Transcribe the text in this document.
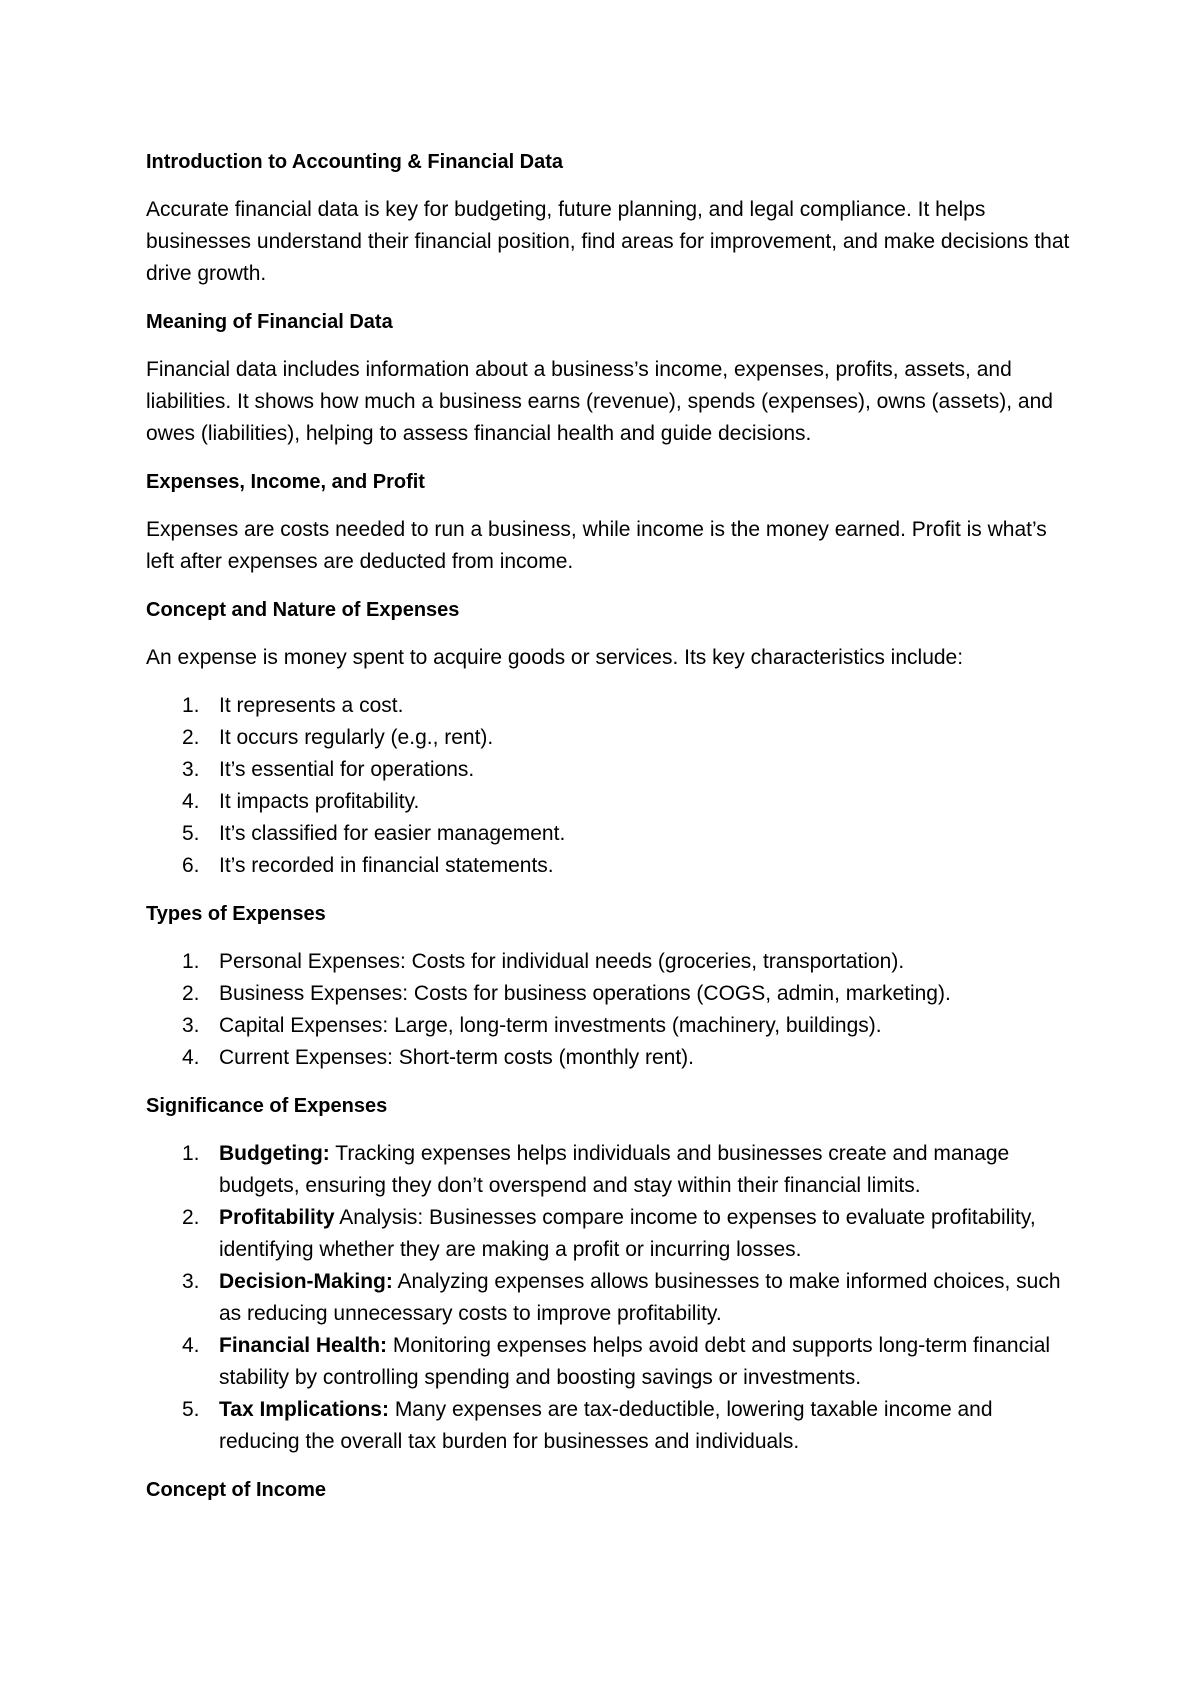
Introduction to Accounting & Financial Data

Accurate financial data is key for budgeting, future planning, and legal compliance. It helps businesses understand their financial position, find areas for improvement, and make decisions that drive growth.

Meaning of Financial Data

Financial data includes information about a business’s income, expenses, profits, assets, and liabilities. It shows how much a business earns (revenue), spends (expenses), owns (assets), and owes (liabilities), helping to assess financial health and guide decisions.

Expenses, Income, and Profit

Expenses are costs needed to run a business, while income is the money earned. Profit is what’s left after expenses are deducted from income.

Concept and Nature of Expenses

An expense is money spent to acquire goods or services. Its key characteristics include:

1. It represents a cost.
2. It occurs regularly (e.g., rent).
3. It’s essential for operations.
4. It impacts profitability.
5. It’s classified for easier management.
6. It’s recorded in financial statements.
Types of Expenses
1. Personal Expenses: Costs for individual needs (groceries, transportation).
2. Business Expenses: Costs for business operations (COGS, admin, marketing).
3. Capital Expenses: Large, long-term investments (machinery, buildings).
4. Current Expenses: Short-term costs (monthly rent).
Significance of Expenses
1. Budgeting: Tracking expenses helps individuals and businesses create and manage budgets, ensuring they don’t overspend and stay within their financial limits.
2. Profitability Analysis: Businesses compare income to expenses to evaluate profitability, identifying whether they are making a profit or incurring losses.
3. Decision-Making: Analyzing expenses allows businesses to make informed choices, such as reducing unnecessary costs to improve profitability.
4. Financial Health: Monitoring expenses helps avoid debt and supports long-term financial stability by controlling spending and boosting savings or investments.
5. Tax Implications: Many expenses are tax-deductible, lowering taxable income and reducing the overall tax burden for businesses and individuals.
Concept of Income
